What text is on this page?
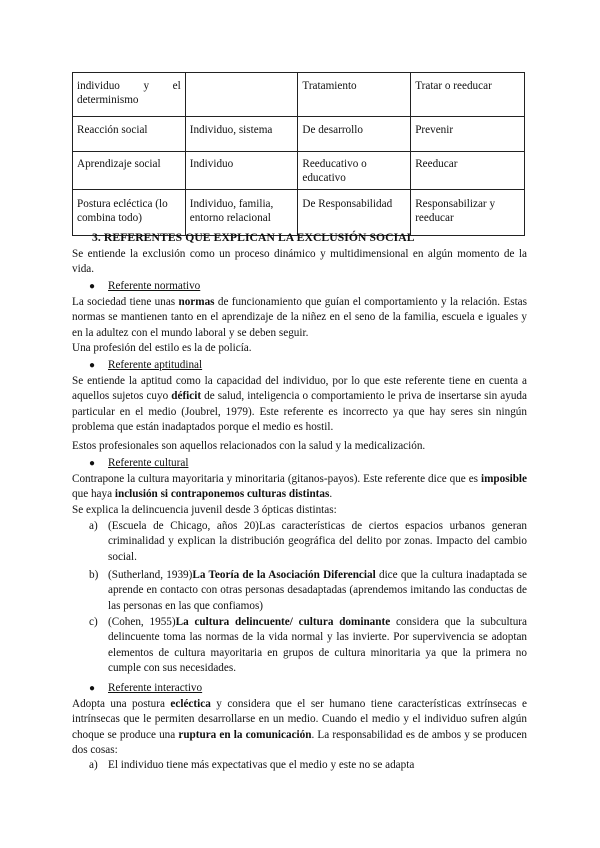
individuo y el determinismo		Tratamiento	Tratar o reeducar
Reacción social	Individuo, sistema	De desarrollo	Prevenir
Aprendizaje social	Individuo	Reeducativo o educativo	Reeducar
Postura ecléctica (lo combina todo)	Individuo, familia, entorno relacional	De Responsabilidad	Responsabilizar y reeducar
3. REFERENTES QUE EXPLICAN LA EXCLUSIÓN SOCIAL
Se entiende la exclusión como un proceso dinámico y multidimensional en algún momento de la vida.
● Referente normativo
La sociedad tiene unas normas de funcionamiento que guían el comportamiento y la relación. Estas normas se mantienen tanto en el aprendizaje de la niñez en el seno de la familia, escuela e iguales y en la adultez con el mundo laboral y se deben seguir.
Una profesión del estilo es la de policía.
● Referente aptitudinal
Se entiende la aptitud como la capacidad del individuo, por lo que este referente tiene en cuenta a aquellos sujetos cuyo déficit de salud, inteligencia o comportamiento le priva de insertarse sin ayuda particular en el medio (Joubrel, 1979). Este referente es incorrecto ya que hay seres sin ningún problema que están inadaptados porque el medio es hostil.
Estos profesionales son aquellos relacionados con la salud y la medicalización.
● Referente cultural
Contrapone la cultura mayoritaria y minoritaria (gitanos-payos). Este referente dice que es imposible que haya inclusión si contraponemos culturas distintas.
Se explica la delincuencia juvenil desde 3 ópticas distintas:
a) (Escuela de Chicago, años 20)Las características de ciertos espacios urbanos generan criminalidad y explican la distribución geográfica del delito por zonas. Impacto del cambio social.
b) (Sutherland, 1939)La Teoría de la Asociación Diferencial dice que la cultura inadaptada se aprende en contacto con otras personas desadaptadas (aprendemos imitando las conductas de las personas en las que confiamos)
c) (Cohen, 1955)La cultura delincuente/ cultura dominante considera que la subcultura delincuente toma las normas de la vida normal y las invierte. Por supervivencia se adoptan elementos de cultura mayoritaria en grupos de cultura minoritaria ya que la primera no cumple con sus necesidades.
● Referente interactivo
Adopta una postura ecléctica y considera que el ser humano tiene características extrínsecas e intrínsecas que le permiten desarrollarse en un medio. Cuando el medio y el individuo sufren algún choque se produce una ruptura en la comunicación. La responsabilidad es de ambos y se producen dos cosas:
a) El individuo tiene más expectativas que el medio y este no se adapta
